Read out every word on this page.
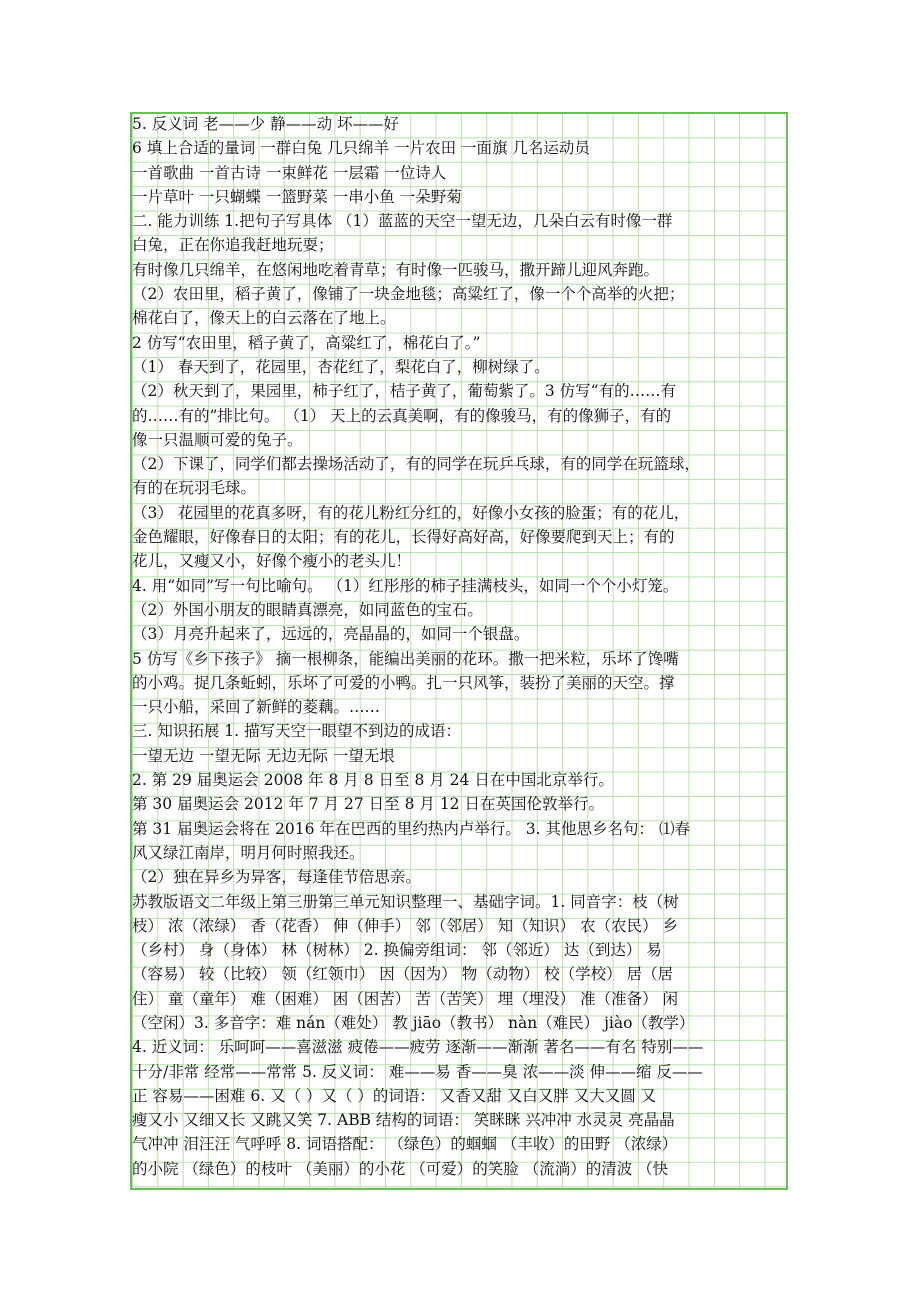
5. 反义词 老——少 静——动 坏——好

6 填上合适的量词 一群白兔 几只绵羊 一片农田 一面旗 几名运动员

一首歌曲 一首古诗 一束鲜花 一层霜 一位诗人

一片草叶 一只蝴蝶 一篮野菜 一串小鱼 一朵野菊

二. 能力训练 1.把句子写具体 （1）蓝蓝的天空一望无边，几朵白云有时像一群

白兔，正在你追我赶地玩耍；

有时像几只绵羊，在悠闲地吃着青草；有时像一匹骏马，撒开蹄儿迎风奔跑。

（2）农田里，稻子黄了，像铺了一块金地毯；高粱红了，像一个个高举的火把；

棉花白了，像天上的白云落在了地上。

2 仿写“农田里，稻子黄了，高粱红了，棉花白了。”

（1） 春天到了，花园里，杏花红了，梨花白了，柳树绿了。

（2）秋天到了，果园里，柿子红了，桔子黄了，葡萄紫了。3 仿写“有的……有

的……有的”排比句。 （1） 天上的云真美啊，有的像骏马，有的像狮子，有的

像一只温顺可爱的兔子。

（2）下课了，同学们都去操场活动了，有的同学在玩乒乓球，有的同学在玩篮球，

有的在玩羽毛球。

（3） 花园里的花真多呀，有的花儿粉红分红的，好像小女孩的脸蛋；有的花儿，

金色耀眼，好像春日的太阳；有的花儿，长得好高好高，好像要爬到天上；有的

花儿，又瘦又小，好像个瘦小的老头儿！

4. 用“如同”写一句比喻句。 （1）红彤彤的柿子挂满枝头，如同一个个小灯笼。

（2）外国小朋友的眼睛真漂亮，如同蓝色的宝石。

（3）月亮升起来了，远远的，亮晶晶的，如同一个银盘。

5 仿写《乡下孩子》 摘一根柳条，能编出美丽的花环。撒一把米粒，乐坏了馋嘴

的小鸡。捉几条蚯蚓，乐坏了可爱的小鸭。扎一只风筝，装扮了美丽的天空。撑

一只小船，采回了新鲜的菱藕。……

三. 知识拓展 1. 描写天空一眼望不到边的成语：

一望无边 一望无际 无边无际 一望无垠

2. 第 29 届奥运会 2008 年 8 月 8 日至 8 月 24 日在中国北京举行。

第 30 届奥运会 2012 年 7 月 27 日至 8 月 12 日在英国伦敦举行。

第 31 届奥运会将在 2016 年在巴西的里约热内卢举行。 3. 其他思乡名句： ⑴春

风又绿江南岸，明月何时照我还。

（2）独在异乡为异客，每逢佳节倍思亲。

苏教版语文二年级上第三册第三单元知识整理一、基础字词。1. 同音字：枝（树

枝） 浓（浓绿） 香（花香） 伸（伸手） 邻（邻居） 知（知识） 农（农民） 乡

（乡村） 身（身体） 林（树林） 2. 换偏旁组词： 邻（邻近） 达（到达） 易

（容易） 较（比较） 领（红领巾） 因（因为） 物（动物） 校（学校） 居（居

住） 童（童年） 难（困难） 困（困苦） 苦（苦笑） 埋（埋没） 准（准备） 闲

（空闲）3. 多音字：难 nán（难处） 教 jiāo（教书） nàn（难民） jiào（教学）

4. 近义词： 乐呵呵——喜滋滋 疲倦——疲劳 逐渐——渐渐 著名——有名 特别——

十分/非常 经常——常常 5. 反义词： 难——易 香——臭 浓——淡 伸——缩 反——

正 容易——困难 6. 又（ ）又（ ）的词语： 又香又甜 又白又胖 又大又圆 又

瘦又小 又细又长 又跳又笑 7. ABB 结构的词语： 笑眯眯 兴冲冲 水灵灵 亮晶晶

气冲冲 泪汪汪 气呼呼 8. 词语搭配： （绿色）的蝈蝈 （丰收）的田野 （浓绿）

的小院 （绿色）的枝叶 （美丽）的小花 （可爱）的笑脸 （流淌）的清波 （快
